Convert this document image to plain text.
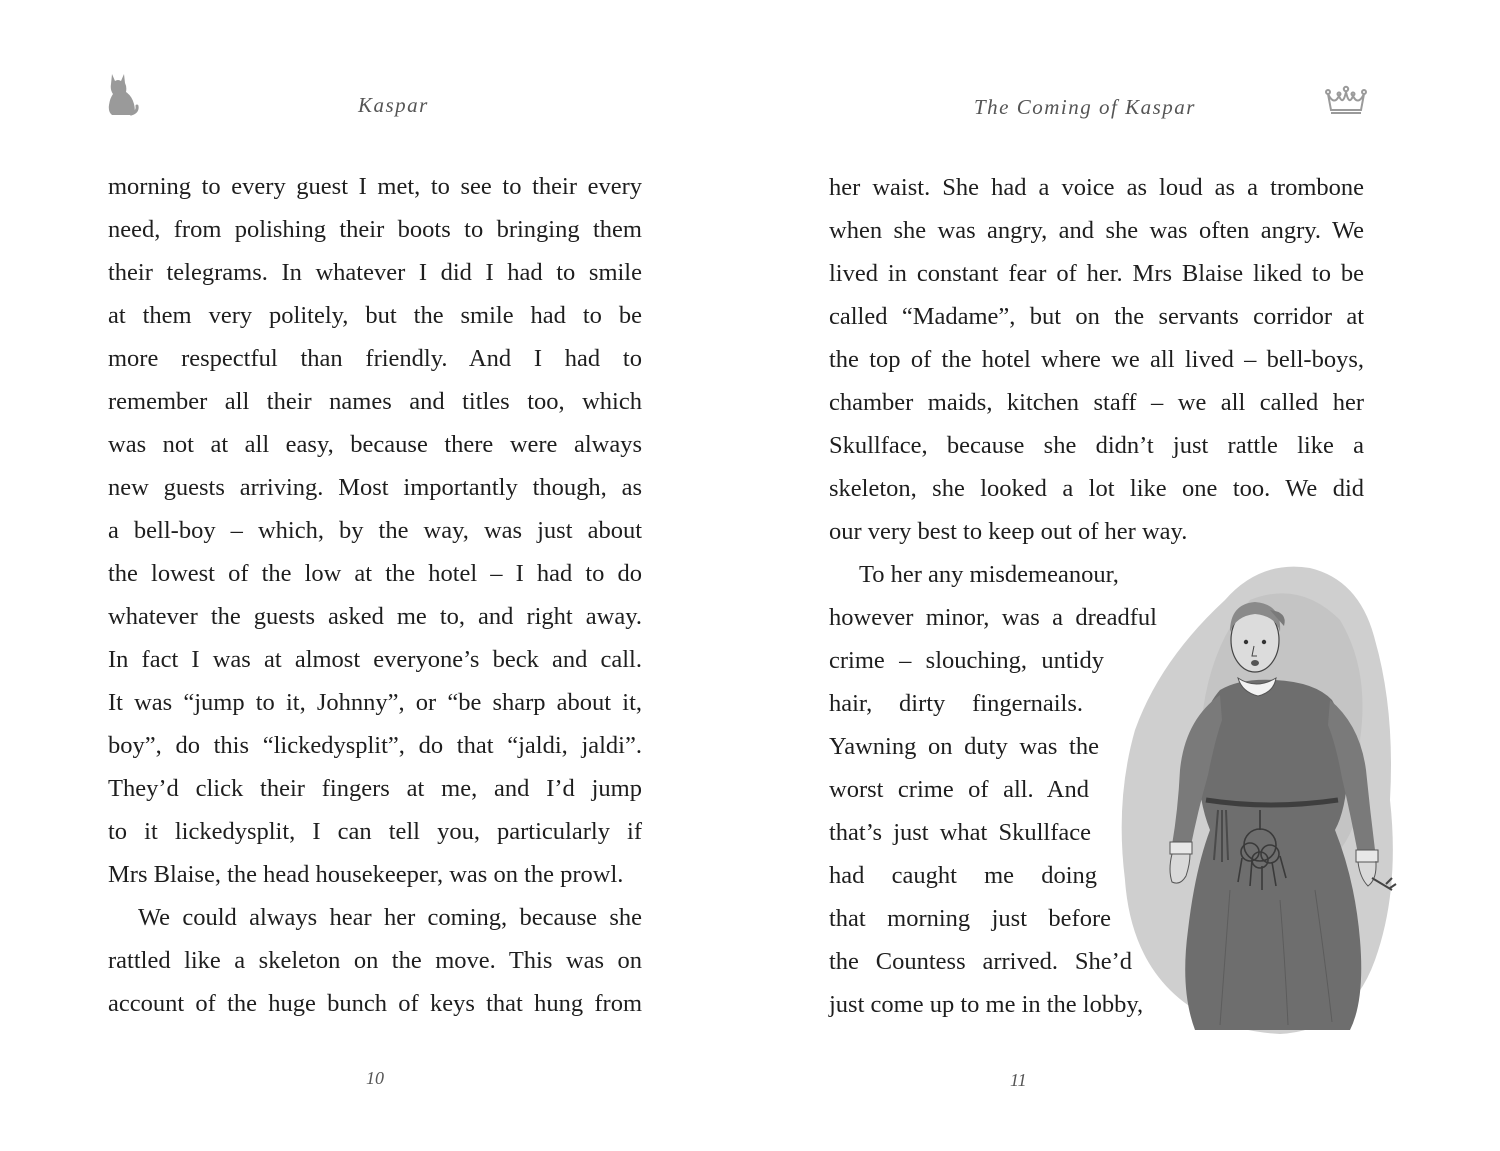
Kaspar
morning to every guest I met, to see to their every
need, from polishing their boots to bringing them
their telegrams. In whatever I did I had to smile
at them very politely, but the smile had to be
more respectful than friendly. And I had to
remember all their names and titles too, which
was not at all easy, because there were always
new guests arriving. Most importantly though, as
a bell-boy – which, by the way, was just about
the lowest of the low at the hotel – I had to do
whatever the guests asked me to, and right away.
In fact I was at almost everyone’s beck and call.
It was “jump to it, Johnny”, or “be sharp about it,
boy”, do this “lickedysplit”, do that “jaldi, jaldi”.
They’d click their fingers at me, and I’d jump
to it lickedysplit, I can tell you, particularly if
Mrs Blaise, the head housekeeper, was on the prowl.
We could always hear her coming, because she
rattled like a skeleton on the move. This was on
account of the huge bunch of keys that hung from
10
The Coming of Kaspar
her waist. She had a voice as loud as a trombone
when she was angry, and she was often angry. We
lived in constant fear of her. Mrs Blaise liked to be
called “Madame”, but on the servants corridor at
the top of the hotel where we all lived – bell-boys,
chamber maids, kitchen staff – we all called her
Skullface, because she didn’t just rattle like a
skeleton, she looked a lot like one too. We did
our very best to keep out of her way.
To her any misdemeanour,
however minor, was a dreadful
crime – slouching, untidy
hair, dirty fingernails.
Yawning on duty was the
worst crime of all. And
that’s just what Skullface
had caught me doing
that morning just before
the Countess arrived. She’d
just come up to me in the lobby,
11
